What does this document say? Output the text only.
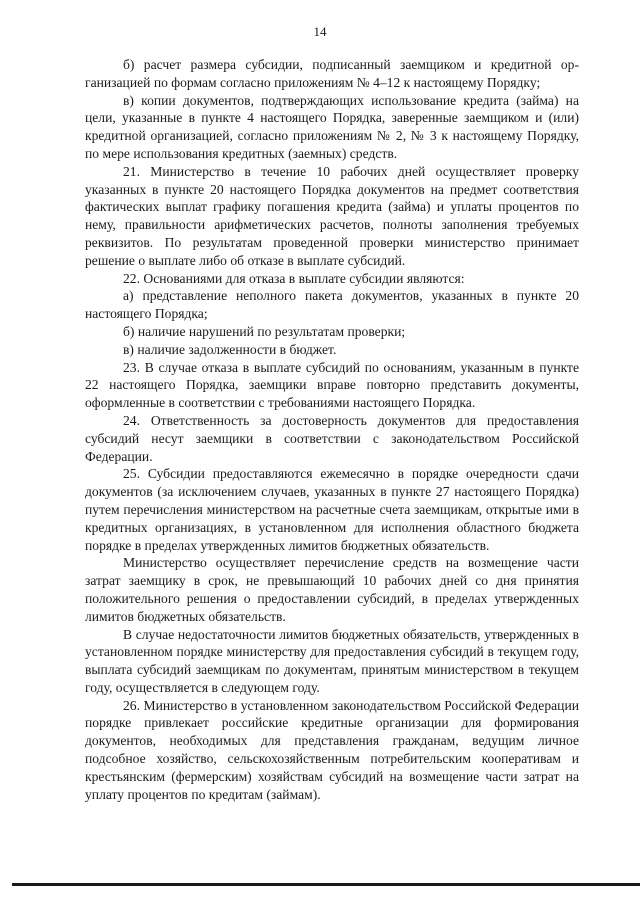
14

б) расчет размера субсидии, подписанный заемщиком и кредитной организацией по формам согласно приложениям № 4–12 к настоящему Порядку;

в) копии документов, подтверждающих использование кредита (займа) на цели, указанные в пункте 4 настоящего Порядка, заверенные заемщиком и (или) кредитной организацией, согласно приложениям № 2, № 3 к настоящему Порядку, по мере использования кредитных (заемных) средств.

21. Министерство в течение 10 рабочих дней осуществляет проверку указанных в пункте 20 настоящего Порядка документов на предмет соответствия фактических выплат графику погашения кредита (займа) и уплаты процентов по нему, правильности арифметических расчетов, полноты заполнения требуемых реквизитов. По результатам проведенной проверки министерство принимает решение о выплате либо об отказе в выплате субсидий.

22. Основаниями для отказа в выплате субсидии являются:

а) представление неполного пакета документов, указанных в пункте 20 настоящего Порядка;

б) наличие нарушений по результатам проверки;

в) наличие задолженности в бюджет.

23. В случае отказа в выплате субсидий по основаниям, указанным в пункте 22 настоящего Порядка, заемщики вправе повторно представить документы, оформленные в соответствии с требованиями настоящего Порядка.

24. Ответственность за достоверность документов для предоставления субсидий несут заемщики в соответствии с законодательством Российской Федерации.

25. Субсидии предоставляются ежемесячно в порядке очередности сдачи документов (за исключением случаев, указанных в пункте 27 настоящего Порядка) путем перечисления министерством на расчетные счета заемщикам, открытые ими в кредитных организациях, в установленном для исполнения областного бюджета порядке в пределах утвержденных лимитов бюджетных обязательств.

Министерство осуществляет перечисление средств на возмещение части затрат заемщику в срок, не превышающий 10 рабочих дней со дня принятия положительного решения о предоставлении субсидий, в пределах утвержденных лимитов бюджетных обязательств.

В случае недостаточности лимитов бюджетных обязательств, утвержденных в установленном порядке министерству для предоставления субсидий в текущем году, выплата субсидий заемщикам по документам, принятым министерством в текущем году, осуществляется в следующем году.

26. Министерство в установленном законодательством Российской Федерации порядке привлекает российские кредитные организации для формирования документов, необходимых для представления гражданам, ведущим личное подсобное хозяйство, сельскохозяйственным потребительским кооперативам и крестьянским (фермерским) хозяйствам субсидий на возмещение части затрат на уплату процентов по кредитам (займам).
